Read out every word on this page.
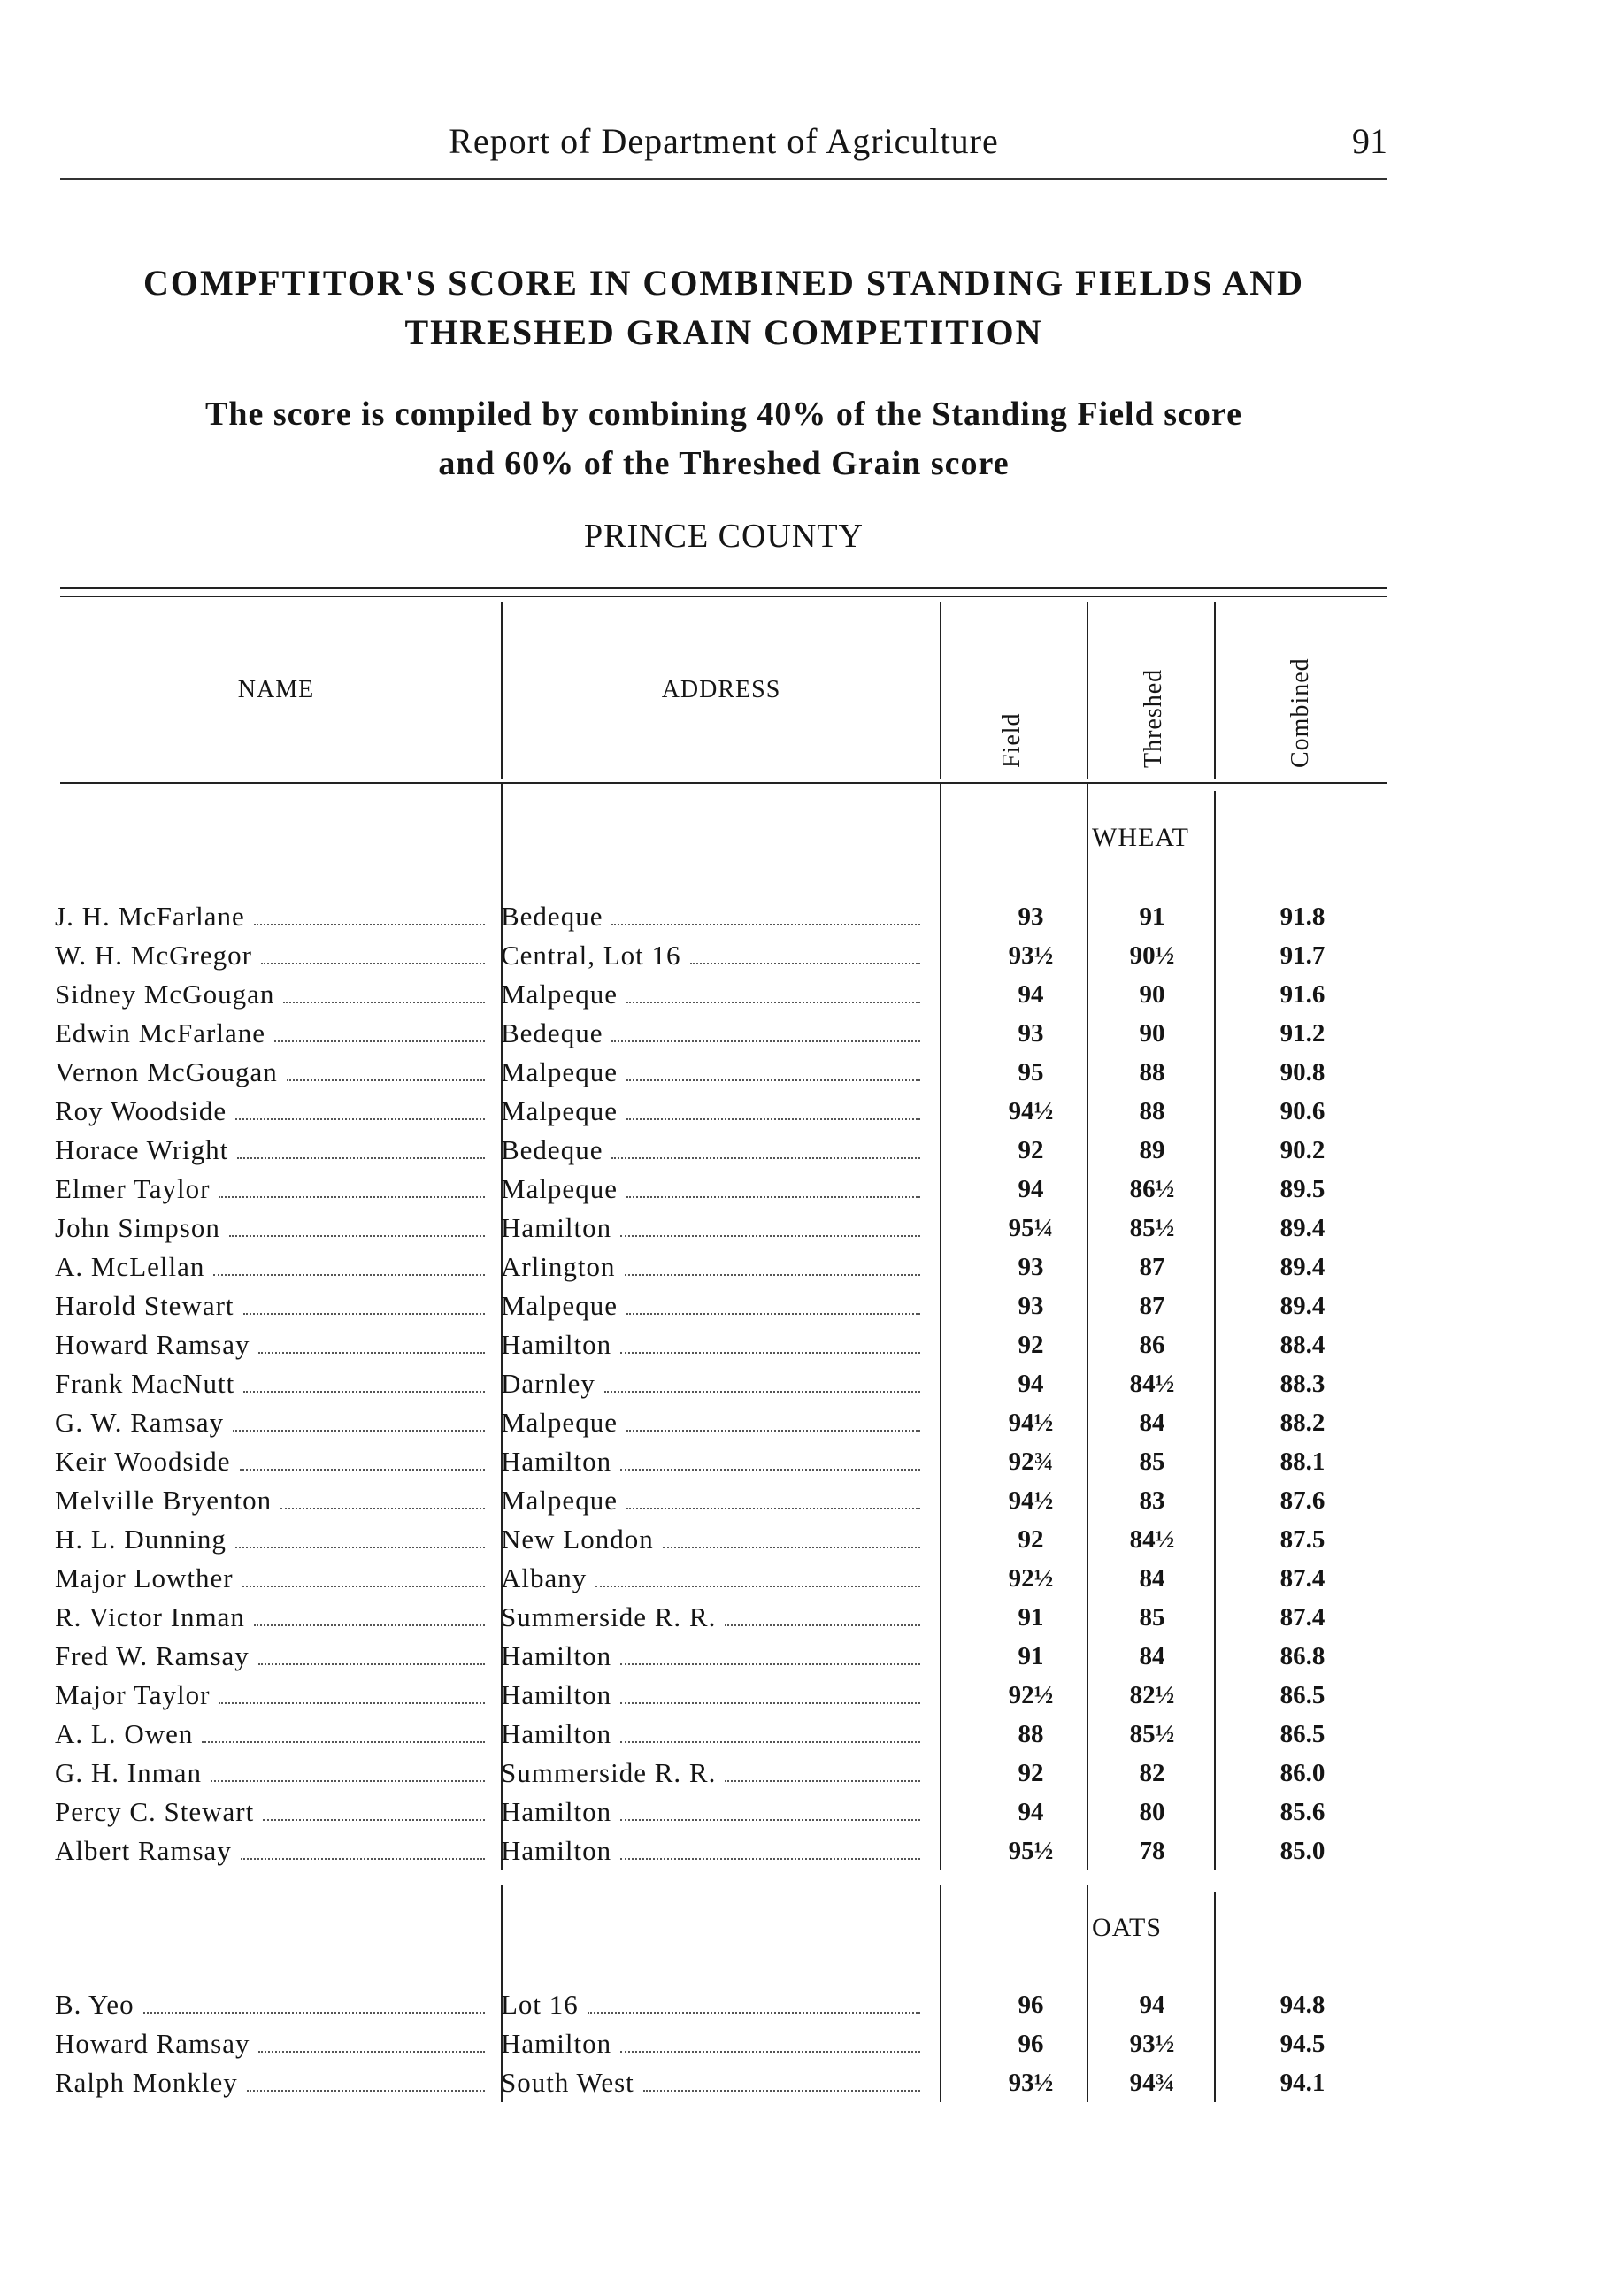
Report of Department of Agriculture	91
COMPFTITOR'S SCORE IN COMBINED STANDING FIELDS AND
THRESHED GRAIN COMPETITION
The score is compiled by combining 40% of the Standing Field score
and 60% of the Threshed Grain score
PRINCE COUNTY
NAME	ADDRESS
Field	Threshed	Combined
WHEAT
J. H. McFarlane	Bedeque	93	91	91.8
W. H. McGregor	Central, Lot 16	93½	90½	91.7
Sidney McGougan	Malpeque	94	90	91.6
Edwin McFarlane	Bedeque	93	90	91.2
Vernon McGougan	Malpeque	95	88	90.8
Roy Woodside	Malpeque	94½	88	90.6
Horace Wright	Bedeque	92	89	90.2
Elmer Taylor	Malpeque	94	86½	89.5
John Simpson	Hamilton	95¼	85½	89.4
A. McLellan	Arlington	93	87	89.4
Harold Stewart	Malpeque	93	87	89.4
Howard Ramsay	Hamilton	92	86	88.4
Frank MacNutt	Darnley	94	84½	88.3
G. W. Ramsay	Malpeque	94½	84	88.2
Keir Woodside	Hamilton	92¾	85	88.1
Melville Bryenton	Malpeque	94½	83	87.6
H. L. Dunning	New London	92	84½	87.5
Major Lowther	Albany	92½	84	87.4
R. Victor Inman	Summerside R. R.	91	85	87.4
Fred W. Ramsay	Hamilton	91	84	86.8
Major Taylor	Hamilton	92½	82½	86.5
A. L. Owen	Hamilton	88	85½	86.5
G. H. Inman	Summerside R. R.	92	82	86.0
Percy C. Stewart	Hamilton	94	80	85.6
Albert Ramsay	Hamilton	95½	78	85.0
OATS
B. Yeo	Lot 16	96	94	94.8
Howard Ramsay	Hamilton	96	93½	94.5
Ralph Monkley	South West	93½	94¾	94.1
